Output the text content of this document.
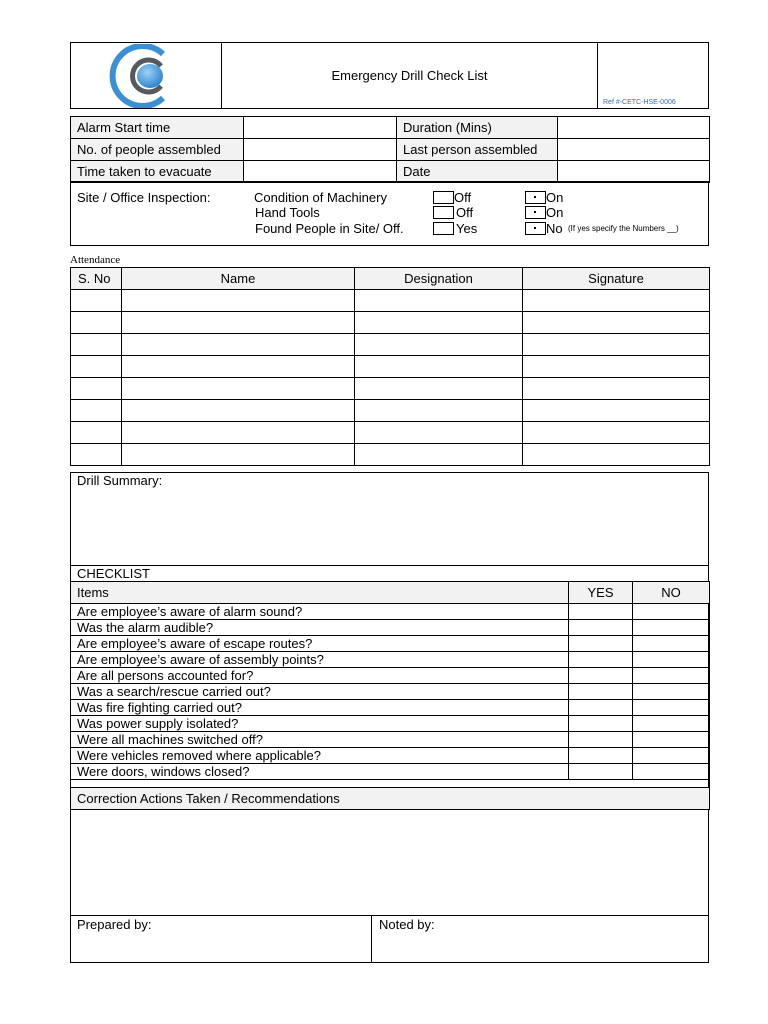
Emergency Drill Check List
Ref #-CETC-HSE-0006
Alarm Start time		Duration (Mins)	
No. of people assembled		Last person assembled	
Time taken to evacuate		Date	
Site / Office Inspection:	Condition of Machinery	Off	On
Hand Tools	Off	On
Found People in Site/ Off.	Yes	No (If yes specify the Numbers __)
Attendance
S. No	Name	Designation	Signature

Drill Summary:
CHECKLIST
Items	YES	NO
Are employee’s aware of alarm sound?		
Was the alarm audible?		
Are employee’s aware of escape routes?		
Are employee’s aware of assembly points?		
Are all persons accounted for?		
Was a search/rescue carried out?		
Was fire fighting carried out?		
Was power supply isolated?		
Were all machines switched off?		
Were vehicles removed where applicable?		
Were doors, windows closed?		

Correction Actions Taken / Recommendations		
Prepared by:	Noted by:
